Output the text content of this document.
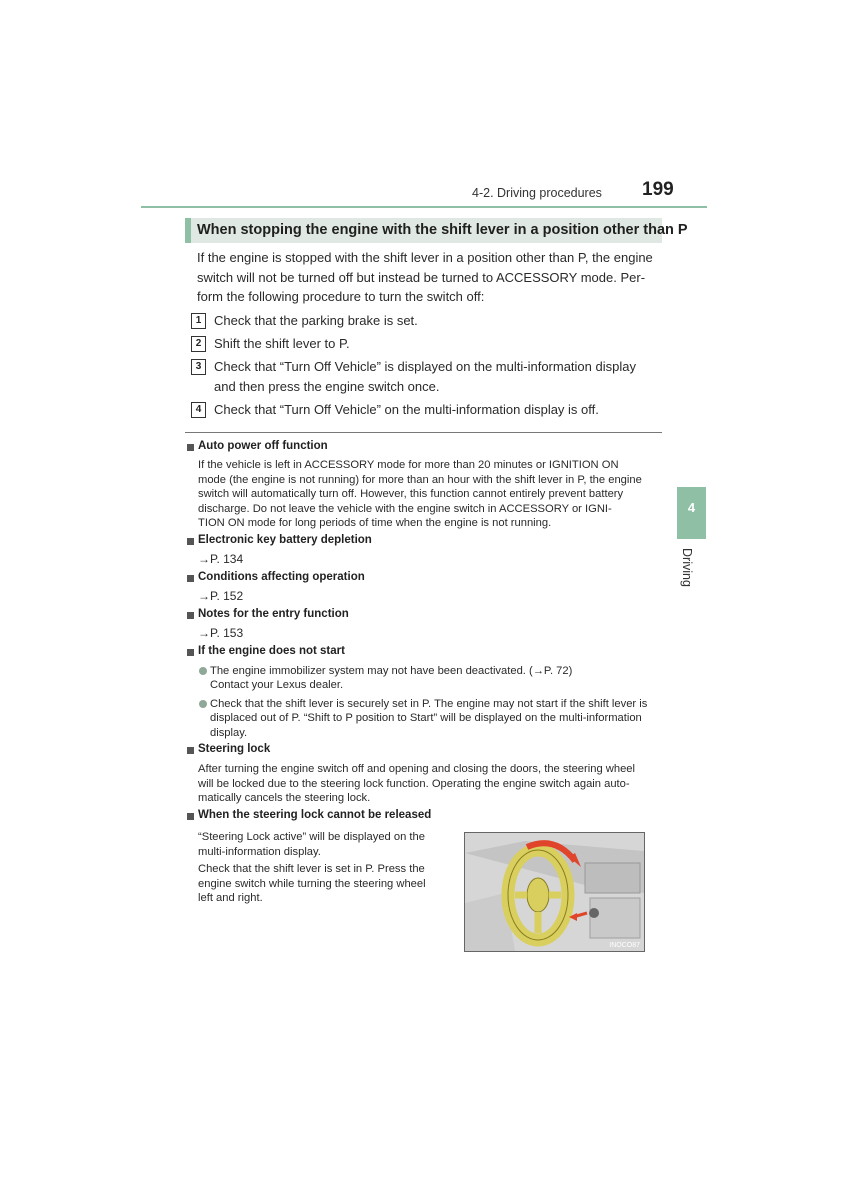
4-2. Driving procedures 199
When stopping the engine with the shift lever in a position other than P
If the engine is stopped with the shift lever in a position other than P, the engine
switch will not be turned off but instead be turned to ACCESSORY mode. Per-
form the following procedure to turn the switch off:
1 Check that the parking brake is set.
2 Shift the shift lever to P.
3 Check that “Turn Off Vehicle” is displayed on the multi-information display
and then press the engine switch once.
4 Check that “Turn Off Vehicle” on the multi-information display is off.
Auto power off function
If the vehicle is left in ACCESSORY mode for more than 20 minutes or IGNITION ON
mode (the engine is not running) for more than an hour with the shift lever in P, the engine
switch will automatically turn off. However, this function cannot entirely prevent battery
discharge. Do not leave the vehicle with the engine switch in ACCESSORY or IGNI-
TION ON mode for long periods of time when the engine is not running.
Electronic key battery depletion
→P. 134
Conditions affecting operation
→P. 152
Notes for the entry function
→P. 153
If the engine does not start
The engine immobilizer system may not have been deactivated. (→P. 72)
Contact your Lexus dealer.
Check that the shift lever is securely set in P. The engine may not start if the shift lever is
displaced out of P. “Shift to P position to Start” will be displayed on the multi-information
display.
Steering lock
After turning the engine switch off and opening and closing the doors, the steering wheel
will be locked due to the steering lock function. Operating the engine switch again auto-
matically cancels the steering lock.
When the steering lock cannot be released
“Steering Lock active” will be displayed on the
multi-information display.
Check that the shift lever is set in P. Press the
engine switch while turning the steering wheel
left and right.
INOCO87
4
Driving
